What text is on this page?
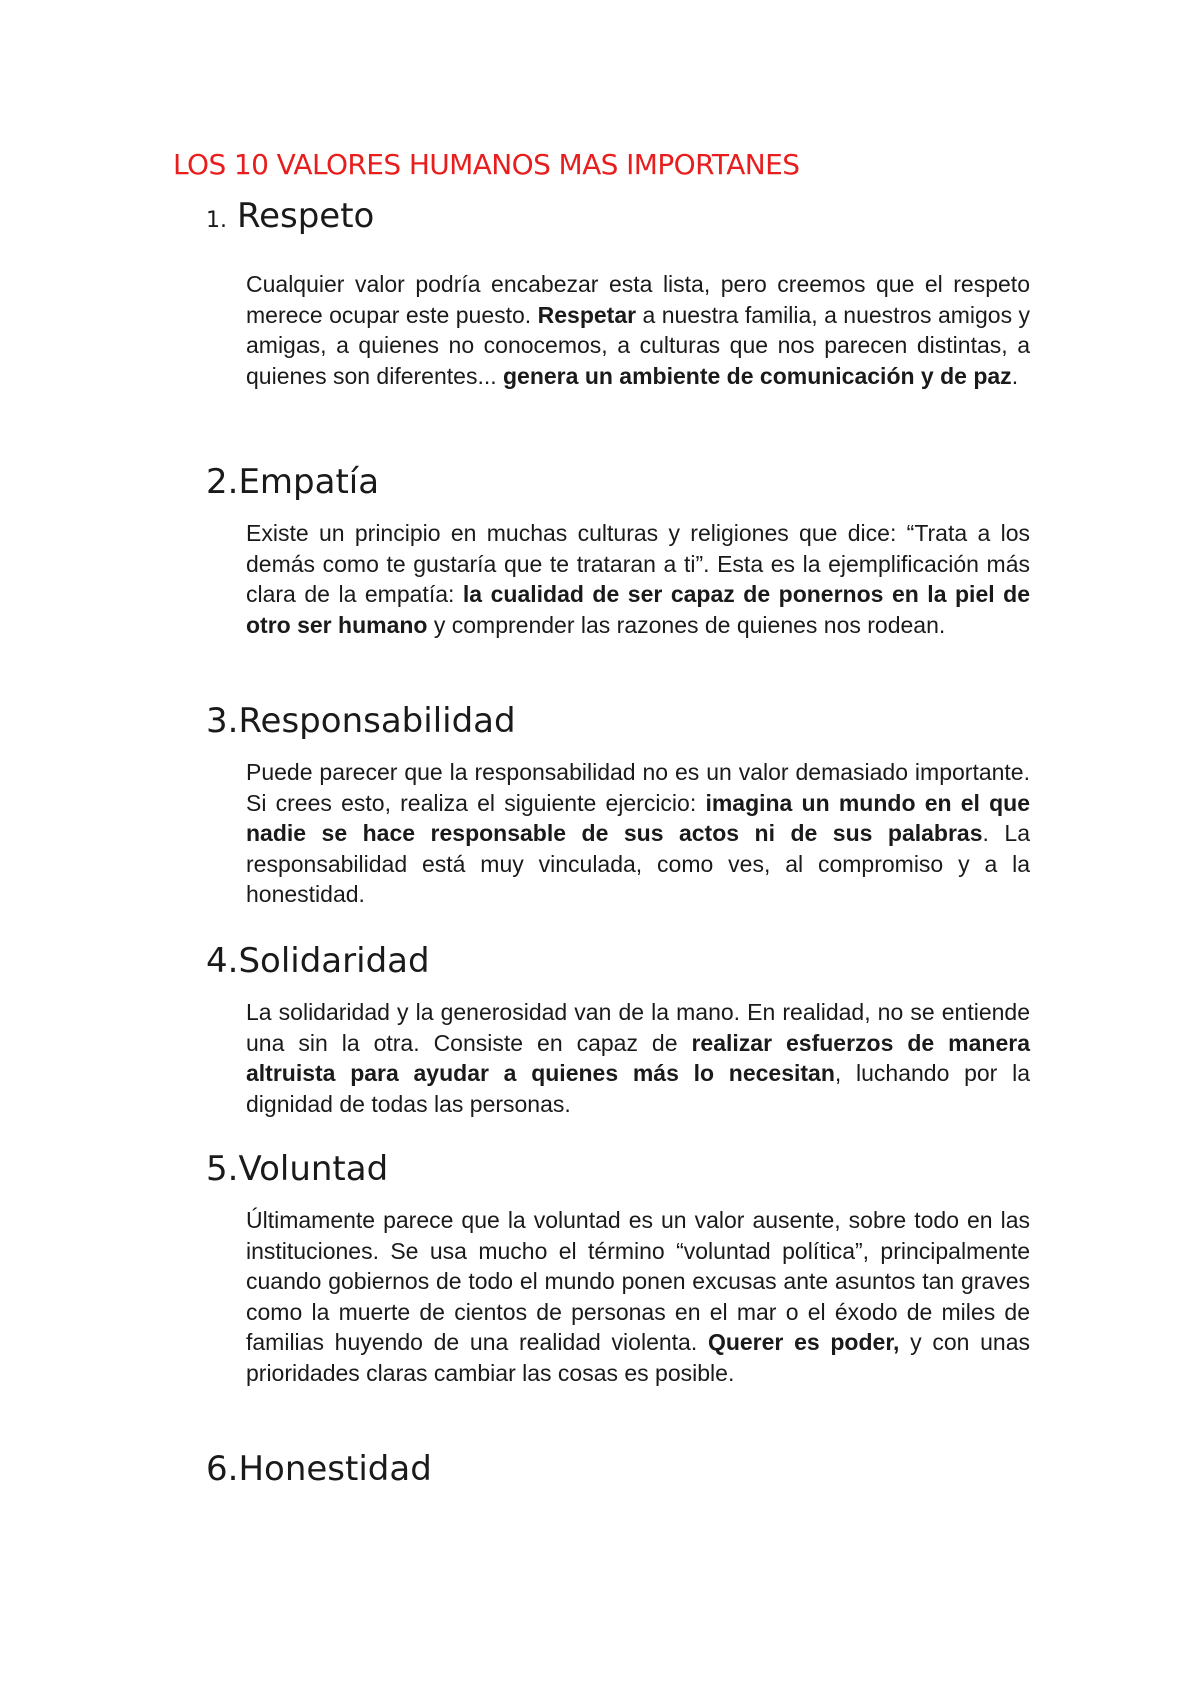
LOS 10 VALORES HUMANOS MAS IMPORTANES
1. Respeto

Cualquier valor podría encabezar esta lista, pero creemos que el respeto merece ocupar este puesto. Respetar a nuestra familia, a nuestros amigos y amigas, a quienes no conocemos, a culturas que nos parecen distintas, a quienes son diferentes... genera un ambiente de comunicación y de paz.

2.Empatía

Existe un principio en muchas culturas y religiones que dice: “Trata a los demás como te gustaría que te trataran a ti”. Esta es la ejemplificación más clara de la empatía: la cualidad de ser capaz de ponernos en la piel de otro ser humano y comprender las razones de quienes nos rodean.

3.Responsabilidad

Puede parecer que la responsabilidad no es un valor demasiado importante. Si crees esto, realiza el siguiente ejercicio: imagina un mundo en el que nadie se hace responsable de sus actos ni de sus palabras. La responsabilidad está muy vinculada, como ves, al compromiso y a la honestidad.

4.Solidaridad

La solidaridad y la generosidad van de la mano. En realidad, no se entiende una sin la otra. Consiste en capaz de realizar esfuerzos de manera altruista para ayudar a quienes más lo necesitan, luchando por la dignidad de todas las personas.

5.Voluntad

Últimamente parece que la voluntad es un valor ausente, sobre todo en las instituciones. Se usa mucho el término “voluntad política”, principalmente cuando gobiernos de todo el mundo ponen excusas ante asuntos tan graves como la muerte de cientos de personas en el mar o el éxodo de miles de familias huyendo de una realidad violenta. Querer es poder, y con unas prioridades claras cambiar las cosas es posible.

6.Honestidad
